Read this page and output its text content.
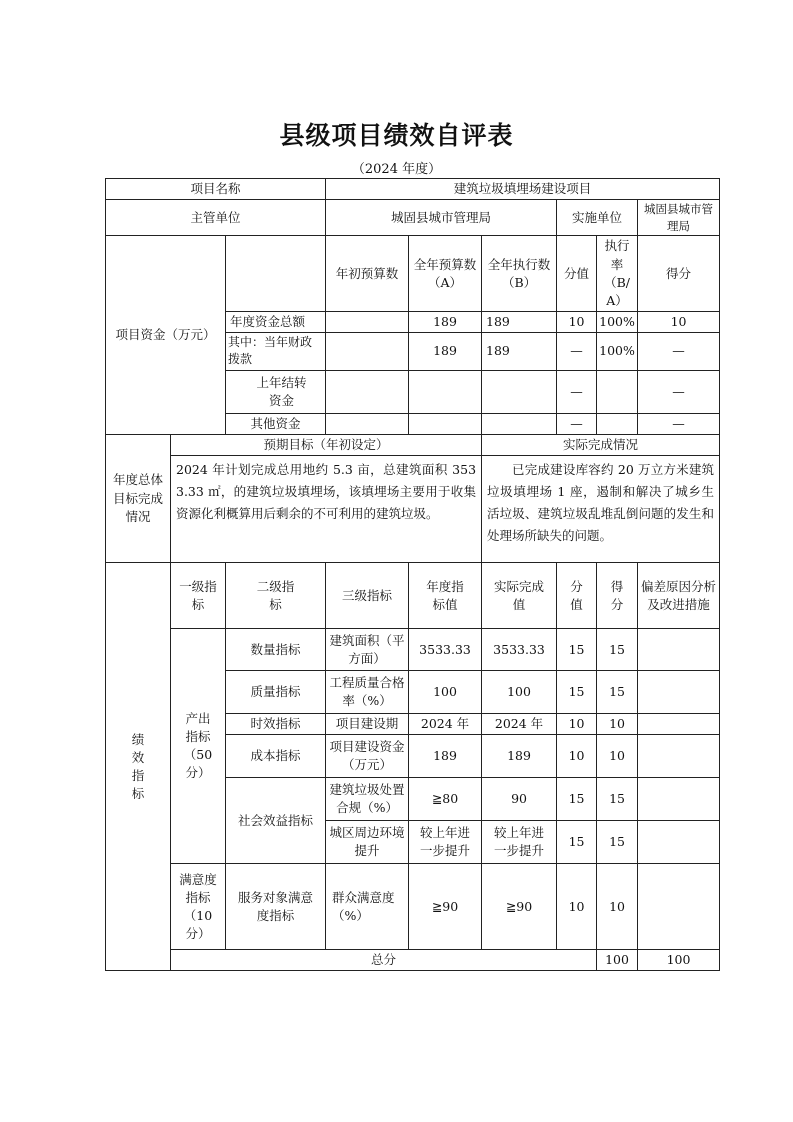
县级项目绩效自评表
（2024 年度）
项目名称			建筑垃圾填埋场建设项目						
主管单位			城固县城市管理局			实施单位		城固县城市管理局	
项目资金（万元）			年初预算数	全年预算数（A）	全年执行数（B）	分值	执行率（B/A）	得分	
		年度资金总额		189	189	10	100%	10	
		其中：当年财政拨款		189	189	—	100%	—	
		上年结转资金				—		—	
		其他资金				—		—	
年度总体目标完成情况	预期目标（年初设定）				实际完成情况				
	2024 年计划完成总用地约 5.3 亩，总建筑面积 3533.33 ㎡，的建筑垃圾填埋场，该填埋场主要用于收集资源化利概算用后剩余的不可利用的建筑垃圾。				已完成建设库容约 20 万立方米建筑垃圾填埋场 1 座，遏制和解决了城乡生活垃圾、建筑垃圾乱堆乱倒问题的发生和处理场所缺失的问题。				
绩效指标	一级指标	二级指标	三级指标	年度指标值	实际完成值	分值	得分	偏差原因分析及改进措施	
	产出指标（50 分）	数量指标	建筑面积（平方面）	3533.33	3533.33	15	15		
		质量指标	工程质量合格率（%）	100	100	15	15		
		时效指标	项目建设期	2024 年	2024 年	10	10		
		成本指标	项目建设资金（万元）	189	189	10	10		
		社会效益指标	建筑垃圾处置合规（%）	≧80	90	15	15		
			城区周边环境提升	较上年进一步提升	较上年进一步提升	15	15		
	满意度指标（10 分）	服务对象满意度指标	群众满意度（%）	≧90	≧90	10	10		
	总分						100	100	
